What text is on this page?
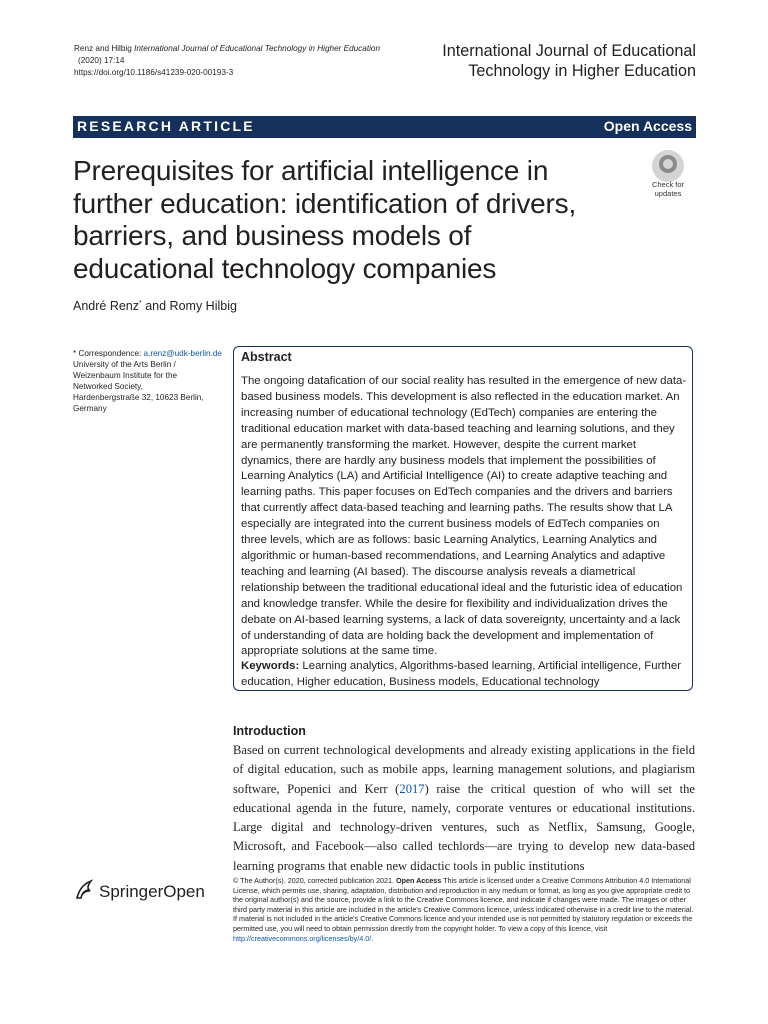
Renz and Hilbig International Journal of Educational Technology in Higher Education
(2020) 17:14
https://doi.org/10.1186/s41239-020-00193-3
International Journal of Educational
Technology in Higher Education
RESEARCH ARTICLE	Open Access
Prerequisites for artificial intelligence in further education: identification of drivers, barriers, and business models of educational technology companies
Check for
updates
André Renz* and Romy Hilbig
* Correspondence: a.renz@udk-berlin.de
University of the Arts Berlin /
Weizenbaum Institute for the
Networked Society,
Hardenbergstraße 32, 10623 Berlin,
Germany
Abstract
The ongoing datafication of our social reality has resulted in the emergence of new data-based business models. This development is also reflected in the education market. An increasing number of educational technology (EdTech) companies are entering the traditional education market with data-based teaching and learning solutions, and they are permanently transforming the market. However, despite the current market dynamics, there are hardly any business models that implement the possibilities of Learning Analytics (LA) and Artificial Intelligence (AI) to create adaptive teaching and learning paths. This paper focuses on EdTech companies and the drivers and barriers that currently affect data-based teaching and learning paths. The results show that LA especially are integrated into the current business models of EdTech companies on three levels, which are as follows: basic Learning Analytics, Learning Analytics and algorithmic or human-based recommendations, and Learning Analytics and adaptive teaching and learning (AI based). The discourse analysis reveals a diametrical relationship between the traditional educational ideal and the futuristic idea of education and knowledge transfer. While the desire for flexibility and individualization drives the debate on AI-based learning systems, a lack of data sovereignty, uncertainty and a lack of understanding of data are holding back the development and implementation of appropriate solutions at the same time.
Keywords: Learning analytics, Algorithms-based learning, Artificial intelligence, Further education, Higher education, Business models, Educational technology
Introduction
Based on current technological developments and already existing applications in the field of digital education, such as mobile apps, learning management solutions, and plagiarism software, Popenici and Kerr (2017) raise the critical question of who will set the educational agenda in the future, namely, corporate ventures or educational institutions. Large digital and technology-driven ventures, such as Netflix, Samsung, Google, Microsoft, and Facebook—also called techlords—are trying to develop new data-based learning programs that enable new didactic tools in public institutions
SpringerOpen
© The Author(s). 2020, corrected publication 2021. Open Access This article is licensed under a Creative Commons Attribution 4.0 International License, which permits use, sharing, adaptation, distribution and reproduction in any medium or format, as long as you give appropriate credit to the original author(s) and the source, provide a link to the Creative Commons licence, and indicate if changes were made. The images or other third party material in this article are included in the article's Creative Commons licence, unless indicated otherwise in a credit line to the material. If material is not included in the article's Creative Commons licence and your intended use is not permitted by statutory regulation or exceeds the permitted use, you will need to obtain permission directly from the copyright holder. To view a copy of this licence, visit http://creativecommons.org/licenses/by/4.0/.
